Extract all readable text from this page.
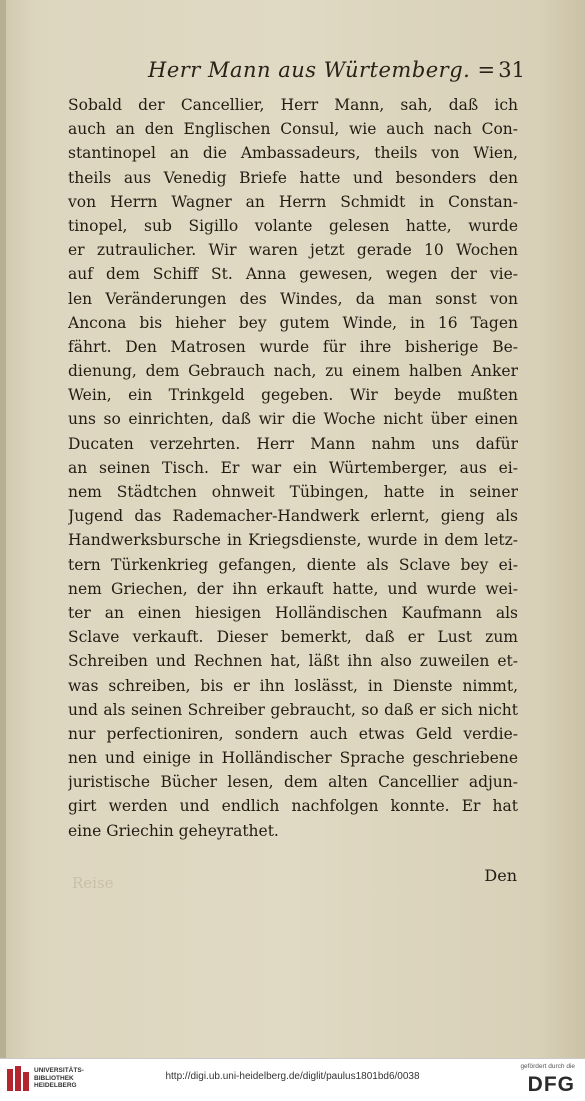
Herr Mann aus Würtemberg. = 31
Sobald der Cancellier, Herr Mann, sah, daß ich
auch an den Englischen Consul, wie auch nach Con-
stantinopel an die Ambassadeurs, theils von Wien,
theils aus Venedig Briefe hatte und besonders den
von Herrn Wagner an Herrn Schmidt in Constan-
tinopel, sub Sigillo volante gelesen hatte, wurde
er zutraulicher. Wir waren jetzt gerade 10 Wochen
auf dem Schiff St. Anna gewesen, wegen der vie-
len Veränderungen des Windes, da man sonst von
Ancona bis hieher bey gutem Winde, in 16 Tagen
fährt. Den Matrosen wurde für ihre bisherige Be-
dienung, dem Gebrauch nach, zu einem halben Anker
Wein, ein Trinkgeld gegeben. Wir beyde mußten
uns so einrichten, daß wir die Woche nicht über einen
Ducaten verzehrten. Herr Mann nahm uns dafür
an seinen Tisch. Er war ein Würtemberger, aus ei-
nem Städtchen ohnweit Tübingen, hatte in seiner
Jugend das Rademacher-Handwerk erlernt, gieng als
Handwerksbursche in Kriegsdienste, wurde in dem letz-
tern Türkenkrieg gefangen, diente als Sclave bey ei-
nem Griechen, der ihn erkauft hatte, und wurde wei-
ter an einen hiesigen Holländischen Kaufmann als
Sclave verkauft. Dieser bemerkt, daß er Lust zum
Schreiben und Rechnen hat, läßt ihn also zuweilen et-
was schreiben, bis er ihn loslässt, in Dienste nimmt,
und als seinen Schreiber gebraucht, so daß er sich nicht
nur perfectioniren, sondern auch etwas Geld verdie-
nen und einige in Holländischer Sprache geschriebene
juristische Bücher lesen, dem alten Cancellier adjun-
girt werden und endlich nachfolgen konnte. Er hat
eine Griechin geheyrathet.
Reise	Den
UNIVERSITÄTS-
BIBLIOTHEK
HEIDELBERG
http://digi.ub.uni-heidelberg.de/diglit/paulus1801bd6/0038
gefördert durch die
DFG
